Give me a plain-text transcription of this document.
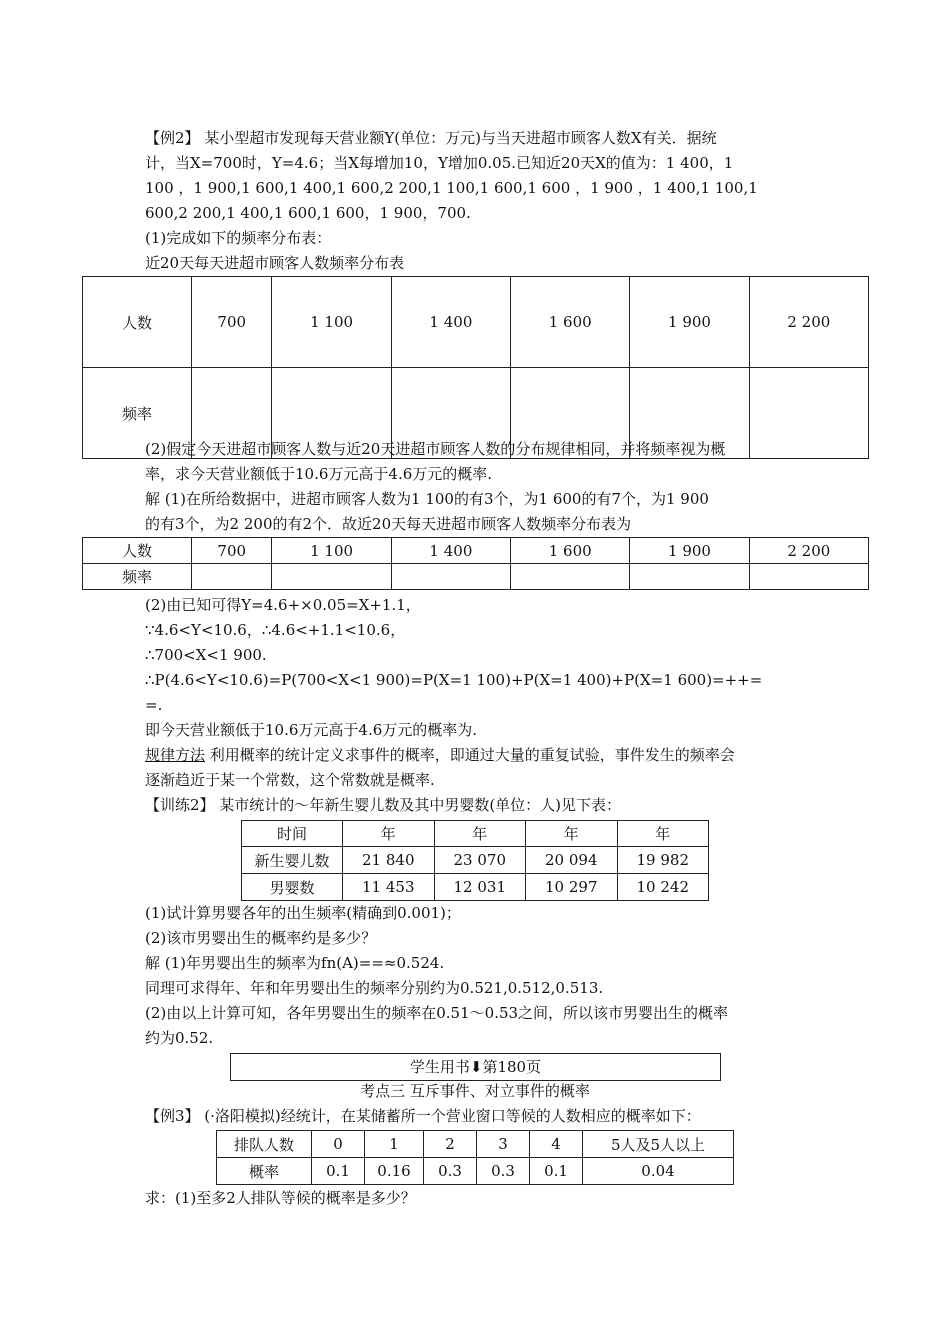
【例2】 某小型超市发现每天营业额Y(单位：万元)与当天进超市顾客人数X有关．据统
计，当X=700时，Y=4.6；当X每增加10，Y增加0.05.已知近20天X的值为：1 400，1
100 ，1 900,1 600,1 400,1 600,2 200,1 100,1 600,1 600 ，1 900 ，1 400,1 100,1
600,2 200,1 400,1 600,1 600，1 900，700.
(1)完成如下的频率分布表：
近20天每天进超市顾客人数频率分布表
人数	700	1 100	1 400	1 600	1 900	2 200
频率						
(2)假定今天进超市顾客人数与近20天进超市顾客人数的分布规律相同，并将频率视为概
率，求今天营业额低于10.6万元高于4.6万元的概率.
解 (1)在所给数据中，进超市顾客人数为1 100的有3个，为1 600的有7个，为1 900
的有3个，为2 200的有2个．故近20天每天进超市顾客人数频率分布表为
人数	700	1 100	1 400	1 600	1 900	2 200
频率						
(2)由已知可得Y=4.6+×0.05=X+1.1，
∵4.6<Y<10.6，∴4.6<+1.1<10.6，
∴700<X<1 900.
∴P(4.6<Y<10.6)=P(700<X<1 900)=P(X=1 100)+P(X=1 400)+P(X=1 600)=++=
=.
即今天营业额低于10.6万元高于4.6万元的概率为.
规律方法 利用概率的统计定义求事件的概率，即通过大量的重复试验，事件发生的频率会
逐渐趋近于某一个常数，这个常数就是概率.
【训练2】 某市统计的～年新生婴儿数及其中男婴数(单位：人)见下表：
时间	年	年	年	年
新生婴儿数	21 840	23 070	20 094	19 982
男婴数	11 453	12 031	10 297	10 242
(1)试计算男婴各年的出生频率(精确到0.001)；
(2)该市男婴出生的概率约是多少？
解 (1)年男婴出生的频率为fn(A)==≈0.524.
同理可求得年、年和年男婴出生的频率分别约为0.521,0.512,0.513.
(2)由以上计算可知，各年男婴出生的频率在0.51～0.53之间，所以该市男婴出生的概率
约为0.52.
学生用书⬇第180页
考点三 互斥事件、对立事件的概率
【例3】 (·洛阳模拟)经统计，在某储蓄所一个营业窗口等候的人数相应的概率如下：
排队人数	0	1	2	3	4	5人及5人以上
概率	0.1	0.16	0.3	0.3	0.1	0.04
求：(1)至多2人排队等候的概率是多少？
